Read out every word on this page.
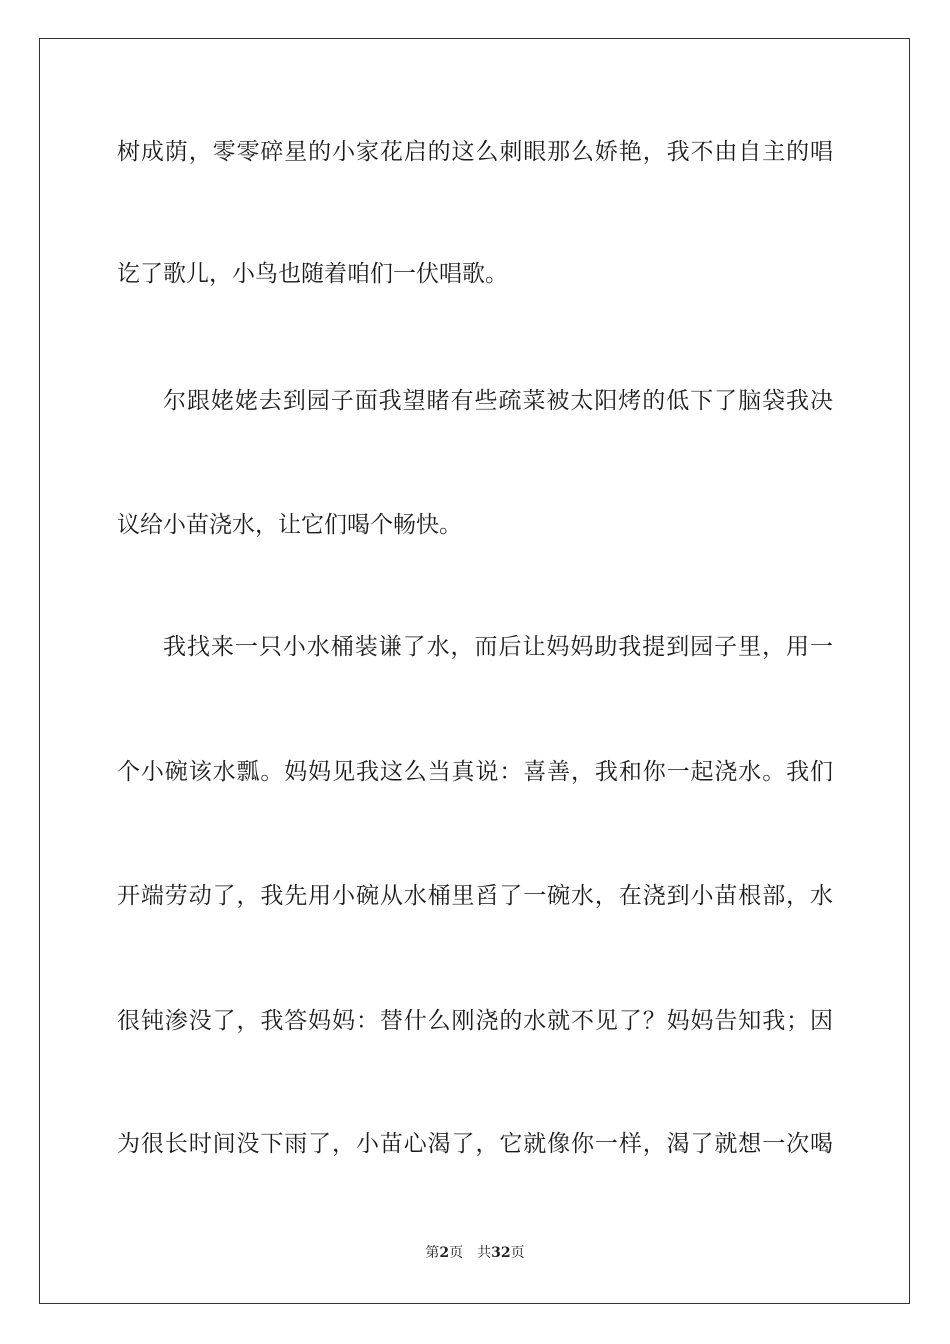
树成荫，零零碎星的小家花启的这么刺眼那么娇艳，我不由自主的唱
讫了歌儿，小鸟也随着咱们一伏唱歌。
尔跟姥姥去到园子面我望睹有些疏菜被太阳烤的低下了脑袋我决
议给小苗浇水，让它们喝个畅快。
我找来一只小水桶装谦了水，而后让妈妈助我提到园子里，用一
个小碗该水瓢。妈妈见我这么当真说：喜善，我和你一起浇水。我们
开端劳动了，我先用小碗从水桶里舀了一碗水，在浇到小苗根部，水
很钝渗没了，我答妈妈：替什么刚浇的水就不见了？妈妈告知我；因
为很长时间没下雨了，小苗心渴了，它就像你一样，渴了就想一次喝
第2页 共32页
